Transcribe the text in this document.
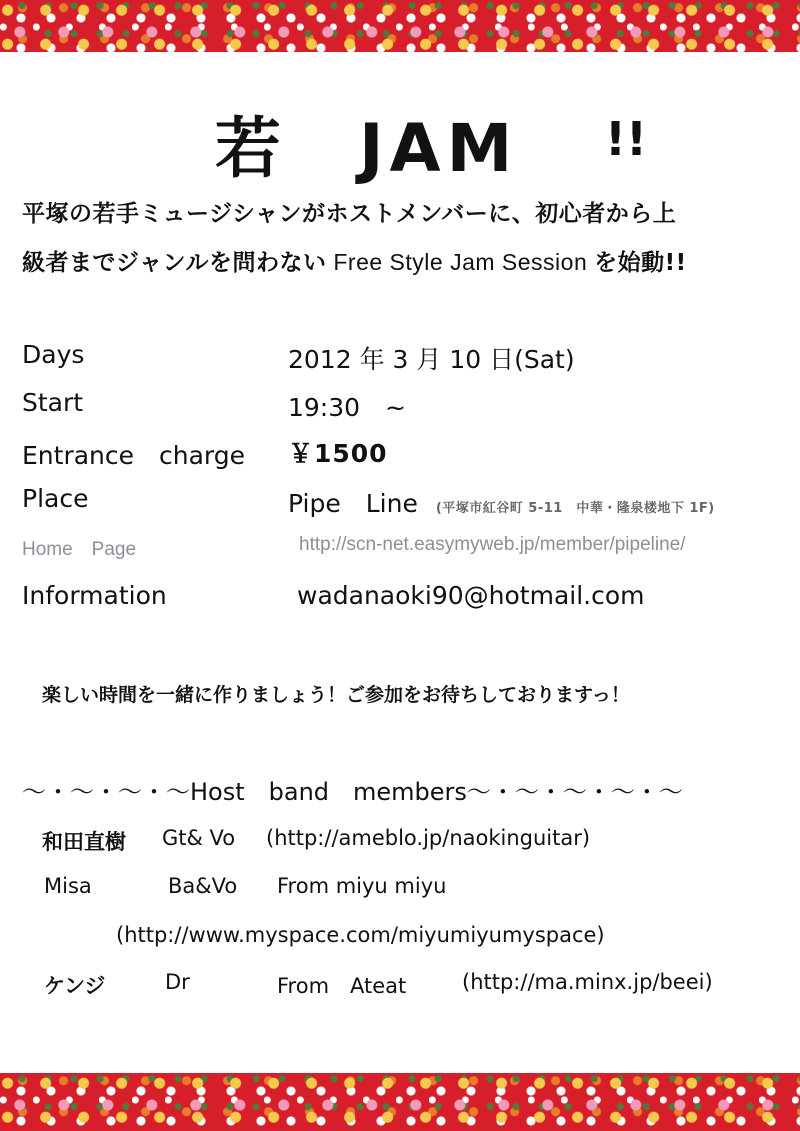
若　JAM !!
平塚の若手ミュージシャンがホストメンバーに、初心者から上
級者までジャンルを問わない Free Style Jam Session を始動!!
Days	2012 年 3 月 10 日(Sat)
Start	19:30　~
Entrance　charge ￥1500
Place	Pipe　Line (平塚市紅谷町 5-11　中華・隆泉楼地下 1F)
Home　Page	http://scn-net.easymyweb.jp/member/pipeline/
Information	wadanaoki90@hotmail.com
楽しい時間を一緒に作りましょう！ご参加をお待ちしておりますっ！
〜・〜・〜・〜Host　band　members〜・〜・〜・〜・〜
和田直樹 Gt& Vo (http://ameblo.jp/naokinguitar)
Misa	Ba&Vo From miyu miyu
(http://www.myspace.com/miyumiyumyspace)
ケンジ	Dr	From　Ateat	(http://ma.minx.jp/beei)
